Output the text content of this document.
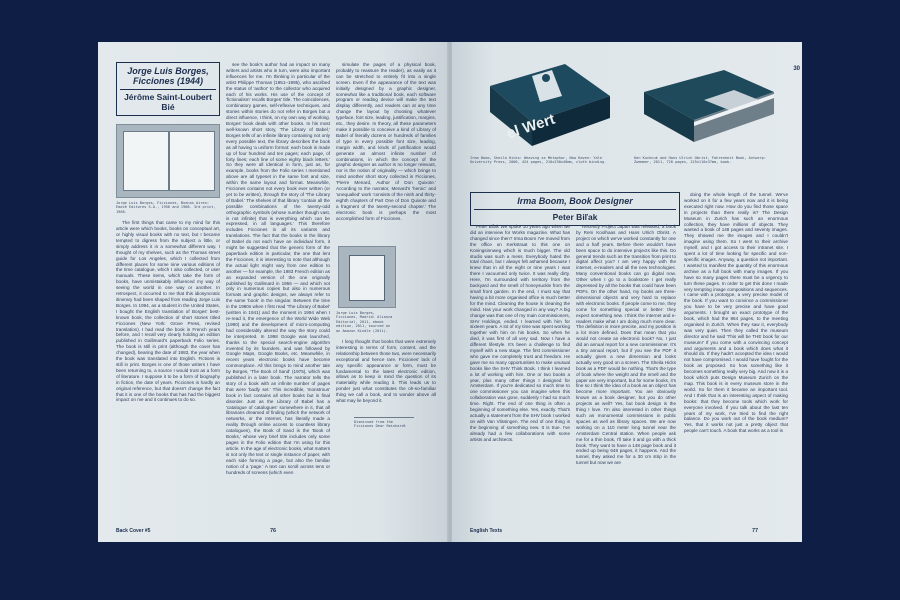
Jorge Luis Borges, Ficciones (1944)
Jérôme Saint-Loubert Bié
Jorge Luis Borges, Ficciones, Buenos Aires: Emecé Editores S.A., 1956 and 1968. 3rd print, 1968.

The first things that came to my mind for this article were which books, books on conceptual art, or highly visual books with no text, but I became tempted to digress from the subject a little, or simply address it in a somewhat different way. I thought of my shelves, such as the Thomas street guide for Los Angeles, which I collected from different places for some nine various editions of the time catalogue, which I also collected, or user manuals. These items, which take the form of books, have unmistakably influenced my way of seeing the world in one way or another. In retrospect, it occurred to me that this idiosyncratic itinerary had been shaped from reading Jorge Luis Borges. In 1994, as a student in the United States, I bought the English translation of Borges' best-known book, the collection of short stories titled Ficciones (New York: Grove Press, revised translation). I had read the book in French years before, and I recall very clearly holding an edition published in Gallimard's paperback Folio series. The book is still in print (although the cover has changed), bearing the date of 1983, the year when the book was translated into English. Fictions is still in print. Borges is one of those writers I have been returning to, a source I would trust as a form of literature. I suppose it to be a form of biography in fiction, the date of years. Ficciones is hardly an original reference, but that doesn't change the fact that it is one of the books that has had the biggest impact on me and it continues to do so.

see the book's author had an impact on many writers and artists who in turn, were also important influences for me. I'm thinking in particular of the artist Philippe Thomas (1951–1995), who ascribed the status of 'author' to the collector who acquired each of his works. His use of the concept of 'fictionalism' recalls Borges' title. The coincidences, combinatory games, self-reflexive techniques, and stories within stories do not refer in Borges but a direct influence, I think, on my own way of working. Borges' book deals with other books. In his most well-known short story, 'The Library of Babel,' Borges tells of an infinite library containing not only every possible text, the library describes the book as all having 'a uniform format: each book is made up of four hundred and ten pages; each page, of forty lines; each line of some eighty black letters.' So they were all identical in form, just as, for example, books from the Folio series I mentioned above are all typeset in the same font and size, within the same layout and format. Meanwhile, Ficciones contains not every book ever written (or yet to be written), through the story of 'The Library of Babel.' The shelves of that library 'contain all the possible combinations of the twenty-odd orthographic symbols (whose number though vast, is not infinite) that is everything which can be expressed, in all languages.' This therefore includes Ficciones in all its variants and translations. The fact that the books in the library of Babel do not each have an individual form, it might be suggested that the generic form of the paperback edition in particular, the one that lent the Ficciones, it is interesting to note that although the actual light might vary from one edition to another — for example, the 1983 French edition as an expanded version of the one originally published by Gallimard in 1956 — and which not only in numerous copies but also in numerous formats and graphic designs, we always refer to the same 'book' in the singular. Between the time in the 1980s when I first read 'The Library of Babel' (written in 1941) and the moment in 1994 when I re-read it, the emergence of the World Wide Web (1990) and the development of micro-computing had considerably altered the way the story could be interpreted. In 1998 Google was launched, thanks to the special search-engine algorithm invented by its founders, and was followed by Google Maps, Google Books, etc. Meanwhile, in recent years electronic books have become commonplace. All this brings to mind another tale by Borges, 'The Book of Sand' (1975), which was published in a later book. The narrator tells the story of a book with an infinite number of pages that were 'badly set.' This incredible, 'monstrous' book in fact contains all other books but in final disorder. Just as the Library of Babel has a 'catalogue of catalogues' somewhere in it, that all librarians dreamed of finding (which the network of networks, or the Internet, has literally made a reality through online access to countless library catalogues), the Book of Sand is the 'Book of Books,' whose very brief title includes only some pages in the Folio edition that I'm using for this article. In the age of electronic books, what matters is not only the text or single instance of paper, with each side forming a page, but also the familiar notion of a 'page.' A text can scroll across tens or hundreds of screens (which even

simulate the pages of a physical book, probably to reassure the reader), as easily as it can be stretched to entirely fit into a single screen. Even if the appearance of the text was initially designed by a graphic designer, somewhat like a traditional book, each software program or reading device will make the text display differently, and readers can at any time change the layout by choosing whatever typeface, font size, leading, justification, margins, etc., they desire. In theory, all these parameters make it possible to conceive a kind of Library of Babel of literally dozens or hundreds of families of type in every possible font size, leading, margin width, and kinds of justification would generate an almost infinite number of combinations, in which the concept of the graphic designer as author is no longer relevant, nor is the notion of originality — which brings to mind another short story collected in Ficciones, 'Pierre Menard, Author of Don Quixote.' According to the narrator, Menard's 'heroic' and 'unequalled' work 'consists of the ninth and thirty-eighth chapters of Part One of Don Quixote and a fragment of the twenty-second chapter.' The electronic book is perhaps the most accomplished form of Ficciones.

Jorge Luis Borges, Ficciones, Madrid: Alianza Editorial, 2011, ebook edition, 2011, sourced on an Amazon Kindle (2011).

I long thought that books that were extremely interesting in terms of form, content, and the relationship between those two, were necessarily exceptional and hence rare. Ficciones' lack of any specific appearance or form, must be fundamental to the latest electronic edition, allows as to keep in mind the question of its materiality while reading it. This leads us to ponder just what constitutes the oh-so-familiar thing we call a book, and to wonder above all what may lie beyond it.

Dismissed from the Ficciones Dear Reinhardt
Back Cover #5	76
30
el Wert
Irma Boom, Sheila Hicks: Weaving as Metaphor, New Haven: Yale University Press, 2006, 424 pages, 210x230x40mm, cloth binding.
Ken Kuchnuk and Hans Ulrich Obrist, Fahrenheit Book, Antwerp: Zwemmer, 2011, 720 pages, 125x110x37mm, book.
Irma Boom, Book Designer
Peter Biľak

Peter Biľak We spoke 10 years ago when we did an interview for Works magazine. What has changed since then? Irma Boom I've moved from the office on Kerkstraat to this one on Koningsinnweg which is much bigger. The old studio was such a mess. Everybody hated the total chaos, but I always felt ashamed because I knew that in all the eight or nine years I was there I vacuumed only twice. It was really dirty. Here, I'm surrounded with territory from the backyard and the smell of honeysuckle from the small front garden. In the end, I must say that having a bit more organised office is much better for the mind. Cleaning the house is cleaning the mind. Has your work changed in any way? A big change was that one of my main commissioners, SHV Holdings, ended. I learned with him for sixteen years. A lot of my time was spent working together with him on his books. So when he died, it was first of all very sad. Now I have a different lifestyle. It's been a challenge to find myself with a new stage. The first commissioner who gave me completely trust and freedom. He gave me so many opportunities to make unusual books like the SHV Think Book. I think I learned a lot of working with him. One or two books a year, plus many other things I designed for Amsterdam. If you're dedicated so much time to one commissioner you can imagine when this collaboration was gone, suddenly I had so much time. Right. The end of one thing is often a beginning of something else. Yes, exactly. That's actually a statement from the SHV book I worked on with Van Vlissingen. The end of one thing is the beginning of something new. It is true. I've already had a few collaborations with some artists and architects.

Recently Project Japan was released, a book by Rem Koolhaas and Hans Ulrich Obrist. A project on which we've worked constantly for one and a half years. Before there wouldn't have been space to do intensive projects like this. Do general trends such as the transition from print to digital affect you? I am very happy with the internet, e-readers and all the new technologies. Many conventional books can go digital now. Other when I go to a bookstore I get really depressed by all the books that could have been PDFs. On the other hand, my books are three-dimensional objects and very hard to replace with electronic books. If people come to me, they come for something special or better: they expect something new. I think the internet and e-readers make what I am doing much more clear. The definition is more precise, and my position is a lot more defined. Does that mean that you would not create an electronic book? No, I just did an annual report for a new commissioner. It's a tiny annual report, but if you see the PDF it actually gives a new dimension and looks actually very good on a screen. The Sheila Hicks book as a PDF would be nothing. That's the type of book where the weight and the smell and the paper are very important, but for some books, it's fine so I think the idea of a book as an object has become more important. You are obviously known as a book designer, but you do other projects as well? Yes, but book design is the thing I love. I'm also interested in other things such as monumental commissions in public spaces as well as library spaces. We are now working on a 110 meter long tunnel near the Amsterdam Central station. When people ask me for a thin book, I'll take it and go with a thick book. They want to have a 148 page book and it ended up being 648 pages, it happens. And the tunnel, they asked me for a 30 cm strip in the tunnel but now we are

doing the whole length of the tunnel. We've worked on it for a few years now and it is being executed right now. How do you find those space in projects than there really is? The Design Museum in Zurich has such an enormous collection, they have millions of objects. They wanted a book of 148 pages and seventy images. They showed me the images and I couldn't imagine using them. So I went to their archive myself, and I got access to their intranet site. I spent a lot of time looking for specific and non-specific images. Anyway, a question not important. I wanted to manifest the quantity of this enormous archive as a full book with many images. If you have so many pages there must be a urgency to turn these pages. In order to get this done I made very tempting image compositions and sequences. I came with a prototype, a very precise model of the book. If you want to convince a commissioner you have to be very precise and have good arguments. I brought an exact prototype of the book, which had the 864 pages, to the meeting organised in Zurich. When they saw it, everybody was very quiet. Then they called the museum director and he said 'This will be THE book for our museum!' If you come with a convincing concept and arguments and a book which does what it should do. If they hadn't accepted the idea I would not have compromised. I would have fought for the book as proposed. So how something like it becomes something really very big. And now it is a book which puts Design Museum Zurich on the map. This book is in every museum store in the world. So for them it became an important tool. And I think that is an interesting aspect of making books: that they become tools which work for everyone involved. If you talk about the last ten years of my work, I've tried to find the right balance. Do you work out of the book medium? Yes, that it works not just a pretty object that people can't touch. A book that works as a tool is

English Texts	77
